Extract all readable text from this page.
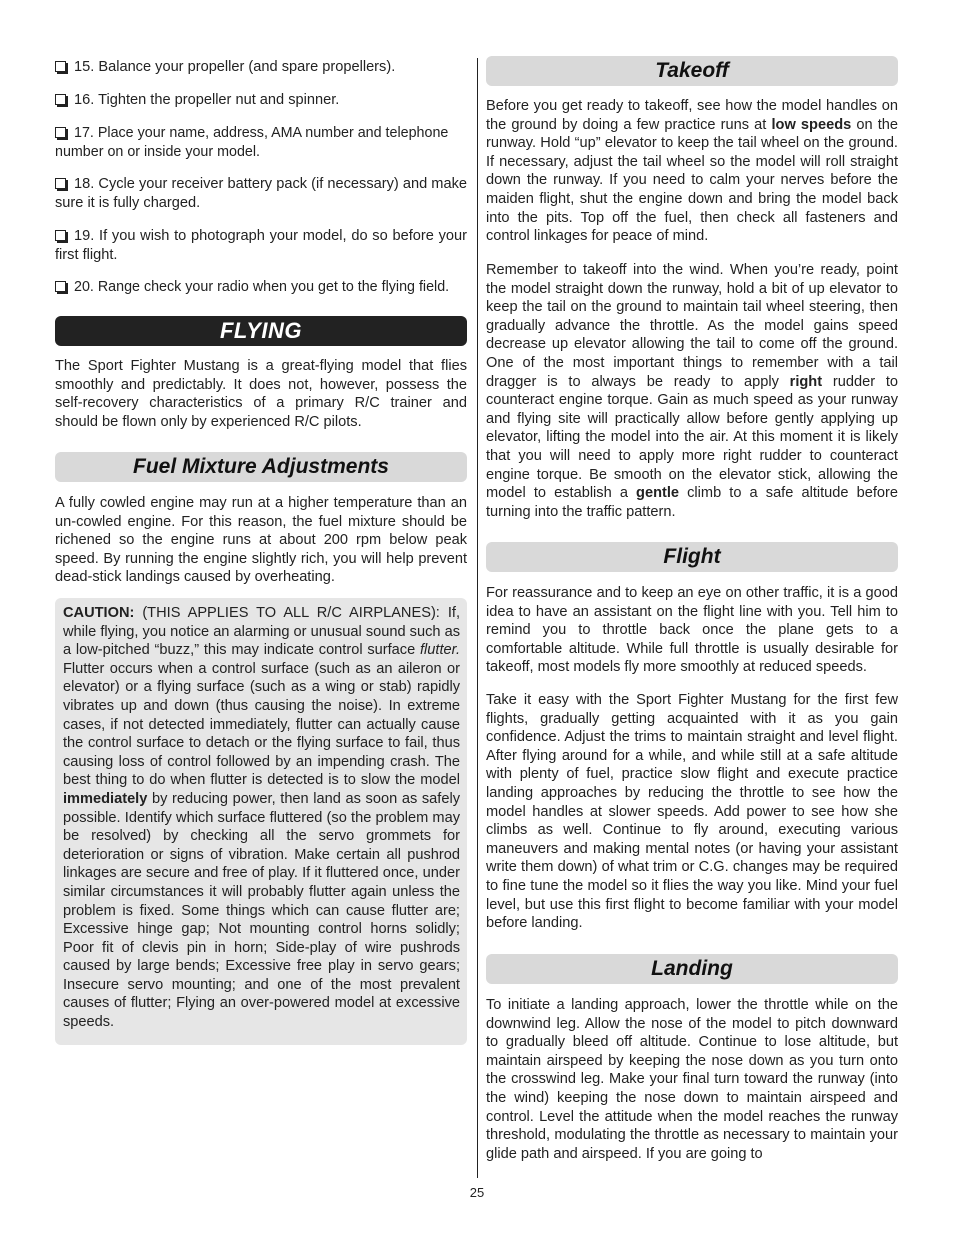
15. Balance your propeller (and spare propellers).
16. Tighten the propeller nut and spinner.
17. Place your name, address, AMA number and telephone number on or inside your model.
18. Cycle your receiver battery pack (if necessary) and make sure it is fully charged.
19. If you wish to photograph your model, do so before your first flight.
20. Range check your radio when you get to the flying field.
FLYING
The Sport Fighter Mustang is a great-flying model that flies smoothly and predictably. It does not, however, possess the self-recovery characteristics of a primary R/C trainer and should be flown only by experienced R/C pilots.
Fuel Mixture Adjustments
A fully cowled engine may run at a higher temperature than an un-cowled engine. For this reason, the fuel mixture should be richened so the engine runs at about 200 rpm below peak speed. By running the engine slightly rich, you will help prevent dead-stick landings caused by overheating.
CAUTION: (THIS APPLIES TO ALL R/C AIRPLANES): If, while flying, you notice an alarming or unusual sound such as a low-pitched “buzz,” this may indicate control surface flutter. Flutter occurs when a control surface (such as an aileron or elevator) or a flying surface (such as a wing or stab) rapidly vibrates up and down (thus causing the noise). In extreme cases, if not detected immediately, flutter can actually cause the control surface to detach or the flying surface to fail, thus causing loss of control followed by an impending crash. The best thing to do when flutter is detected is to slow the model immediately by reducing power, then land as soon as safely possible. Identify which surface fluttered (so the problem may be resolved) by checking all the servo grommets for deterioration or signs of vibration. Make certain all pushrod linkages are secure and free of play. If it fluttered once, under similar circumstances it will probably flutter again unless the problem is fixed. Some things which can cause flutter are; Excessive hinge gap; Not mounting control horns solidly; Poor fit of clevis pin in horn; Side-play of wire pushrods caused by large bends; Excessive free play in servo gears; Insecure servo mounting; and one of the most prevalent causes of flutter; Flying an over-powered model at excessive speeds.
Takeoff
Before you get ready to takeoff, see how the model handles on the ground by doing a few practice runs at low speeds on the runway. Hold “up” elevator to keep the tail wheel on the ground. If necessary, adjust the tail wheel so the model will roll straight down the runway. If you need to calm your nerves before the maiden flight, shut the engine down and bring the model back into the pits. Top off the fuel, then check all fasteners and control linkages for peace of mind.
Remember to takeoff into the wind. When you’re ready, point the model straight down the runway, hold a bit of up elevator to keep the tail on the ground to maintain tail wheel steering, then gradually advance the throttle. As the model gains speed decrease up elevator allowing the tail to come off the ground. One of the most important things to remember with a tail dragger is to always be ready to apply right rudder to counteract engine torque. Gain as much speed as your runway and flying site will practically allow before gently applying up elevator, lifting the model into the air. At this moment it is likely that you will need to apply more right rudder to counteract engine torque. Be smooth on the elevator stick, allowing the model to establish a gentle climb to a safe altitude before turning into the traffic pattern.
Flight
For reassurance and to keep an eye on other traffic, it is a good idea to have an assistant on the flight line with you. Tell him to remind you to throttle back once the plane gets to a comfortable altitude. While full throttle is usually desirable for takeoff, most models fly more smoothly at reduced speeds.
Take it easy with the Sport Fighter Mustang for the first few flights, gradually getting acquainted with it as you gain confidence. Adjust the trims to maintain straight and level flight. After flying around for a while, and while still at a safe altitude with plenty of fuel, practice slow flight and execute practice landing approaches by reducing the throttle to see how the model handles at slower speeds. Add power to see how she climbs as well. Continue to fly around, executing various maneuvers and making mental notes (or having your assistant write them down) of what trim or C.G. changes may be required to fine tune the model so it flies the way you like. Mind your fuel level, but use this first flight to become familiar with your model before landing.
Landing
To initiate a landing approach, lower the throttle while on the downwind leg. Allow the nose of the model to pitch downward to gradually bleed off altitude. Continue to lose altitude, but maintain airspeed by keeping the nose down as you turn onto the crosswind leg. Make your final turn toward the runway (into the wind) keeping the nose down to maintain airspeed and control. Level the attitude when the model reaches the runway threshold, modulating the throttle as necessary to maintain your glide path and airspeed. If you are going to
25
